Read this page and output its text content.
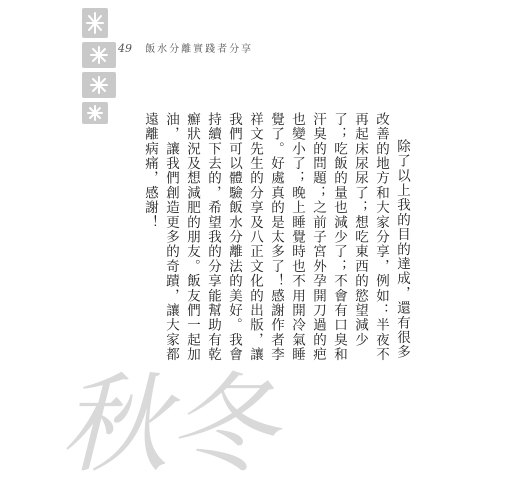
49 飯水分離實踐者分享

除了以上我的目的達成，還有很多改善的地方和大家分享，例如：半夜不再起床尿尿了；想吃東西的慾望減少了；吃飯的量也減少了；不會有口臭和汗臭的問題；之前子宮外孕開刀過的疤也變小了；晚上睡覺時也不用開冷氣睡覺了。好處真的是太多了！感謝作者李祥文先生的分享及八正文化的出版，讓我們可以體驗飯水分離法的美好。我會持續下去的，希望我的分享能幫助有乾癬狀況及想減肥的朋友。飯友們一起加油，讓我們創造更多的奇蹟，讓大家都遠離病痛，感謝！

秋冬
